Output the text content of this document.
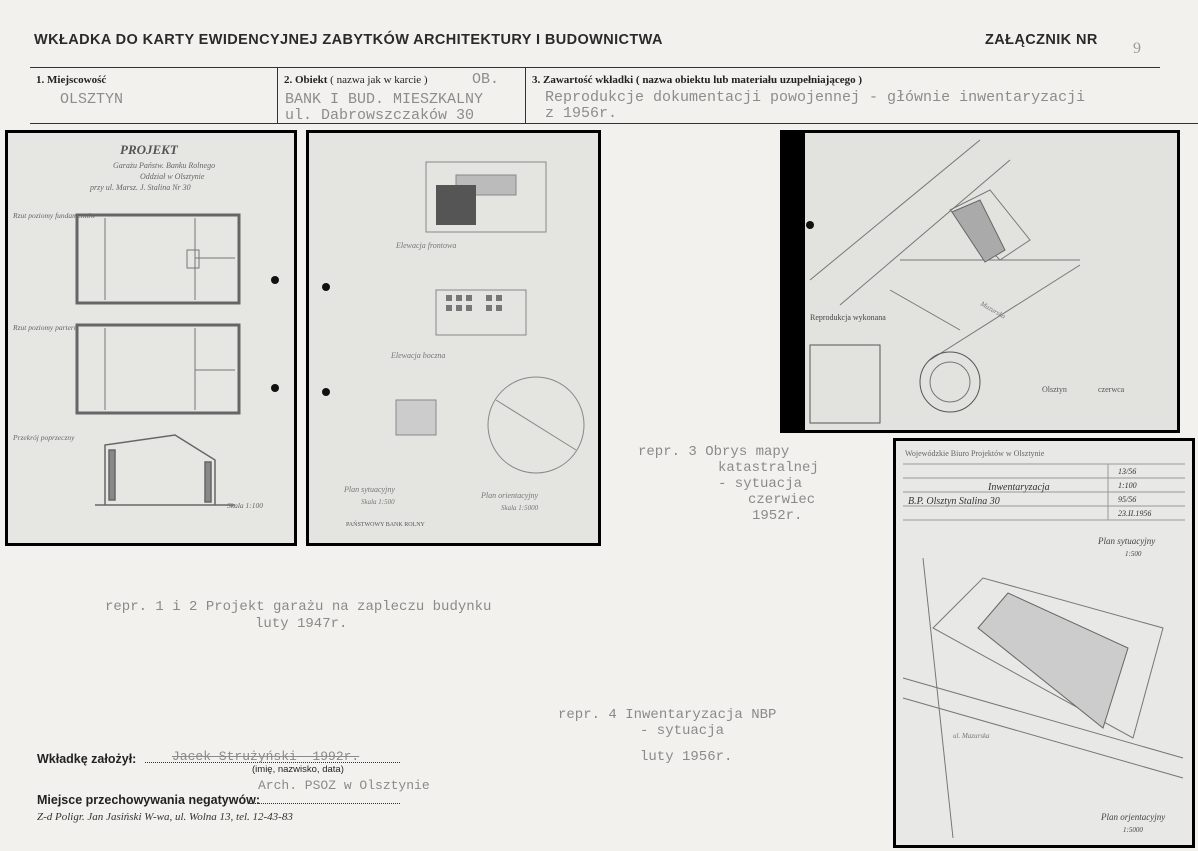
WKŁADKA DO KARTY EWIDENCYJNEJ ZABYTKÓW ARCHITEKTURY I BUDOWNICTWA	ZAŁĄCZNIK NR 9
1. Miejscowość
OLSZTYN
2. Obiekt ( nazwa jak w karcie )	OB.
BANK I BUD. MIESZKALNY
ul. Dabrowszczaków 30
3. Zawartość wkładki ( nazwa obiektu lub materiału uzupełniającego )
Reprodukcje dokumentacji powojennej - głównie inwentaryzacji
z 1956r.
PROJEKT
Garażu Państw. Banku Rolnego
Oddział w Olsztynie
przy ul. Marsz. J. Stalina Nr 30
Rzut poziomy fundamentów
Rzut poziomy parteru
Przekrój poprzeczny
Skala 1:100
Elewacja frontowa
Elewacja boczna
Plan sytuacyjny
Skala 1:500
Plan orientacyjny
Skala 1:5000
PAŃSTWOWY BANK ROLNY
Mazurska
Reprodukcja wykonana
Olsztyn	czerwca
Wojewódzkie Biuro Projektów w Olsztynie
Inwentaryzacja
B.P. Olsztyn Stalina 30
13/56
1:100
95/56
23.II.1956
Plan sytuacyjny
1:500
ul. Mazurska
Plan orjentacyjny
1:5000
repr. 3 Obrys mapy
katastralnej
- sytuacja
czerwiec
1952r.
repr. 1 i 2 Projekt garażu na zapleczu budynku
luty 1947r.
repr. 4 Inwentaryzacja NBP
- sytuacja
luty 1956r.
Wkładkę założył:	Jacek Strużyński  1992r.
(imię, nazwisko, data)
Miejsce przechowywania negatywów:
Arch. PSOZ w Olsztynie
Z-d Poligr. Jan Jasiński W-wa, ul. Wolna 13, tel. 12-43-83
